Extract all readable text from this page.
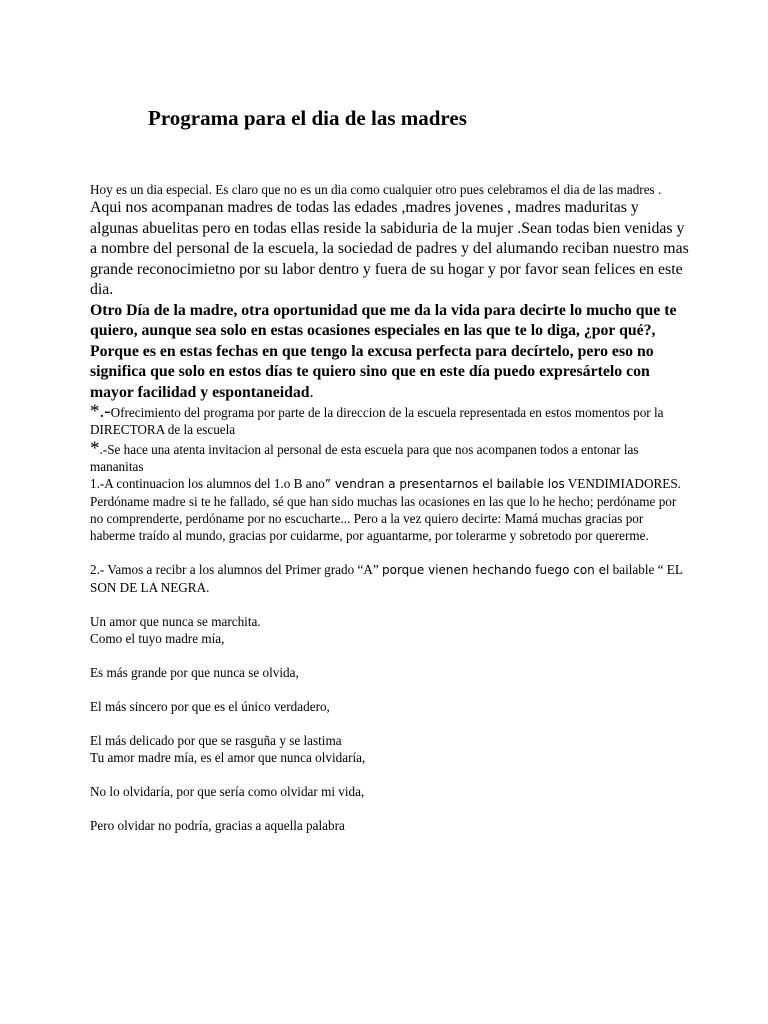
Programa para el dia de las madres

Hoy es un dia especial. Es claro que no es un dia como cualquier otro pues celebramos el dia de las madres .

Aqui nos acompanan madres de todas las edades ,madres jovenes , madres maduritas y algunas abuelitas pero en todas ellas reside la sabiduria de la mujer .Sean todas bien venidas y a nombre del personal de la escuela, la sociedad de padres y del alumando reciban nuestro mas grande reconocimietno por su labor dentro y fuera de su hogar y por favor sean felices en este dia.

Otro Día de la madre, otra oportunidad que me da la vida para decirte lo mucho que te quiero, aunque sea solo en estas ocasiones especiales en las que te lo diga, ¿por qué?, Porque es en estas fechas en que tengo la excusa perfecta para decírtelo, pero eso no significa que solo en estos días te quiero sino que en este día puedo expresártelo con mayor facilidad y espontaneidad.

*.-Ofrecimiento del programa por parte de la direccion de la escuela representada en estos momentos por la DIRECTORA de la escuela

*.-Se hace una atenta invitacion al personal de esta escuela para que nos acompanen todos a entonar las mananitas

1.-A continuacion los alumnos del 1.o B ano” vendran a presentarnos el bailable los VENDIMIADORES.

Perdóname madre si te he fallado, sé que han sido muchas las ocasiones en las que lo he hecho; perdóname por no comprenderte, perdóname por no escucharte... Pero a la vez quiero decirte: Mamá muchas gracias por haberme traído al mundo, gracias por cuidarme, por aguantarme, por tolerarme y sobretodo por quererme.

2.- Vamos a recibr a los alumnos del Primer grado “A” porque vienen hechando fuego con el bailable “ EL SON DE LA NEGRA.

Un amor que nunca se marchita.

Como el tuyo madre mía,

Es más grande por que nunca se olvida,

El más sincero por que es el único verdadero,

El más delicado por que se rasguña y se lastima

Tu amor madre mía, es el amor que nunca olvidaría,

No lo olvidaría, por que sería como olvidar mi vida,

Pero olvidar no podría, gracias a aquella palabra
